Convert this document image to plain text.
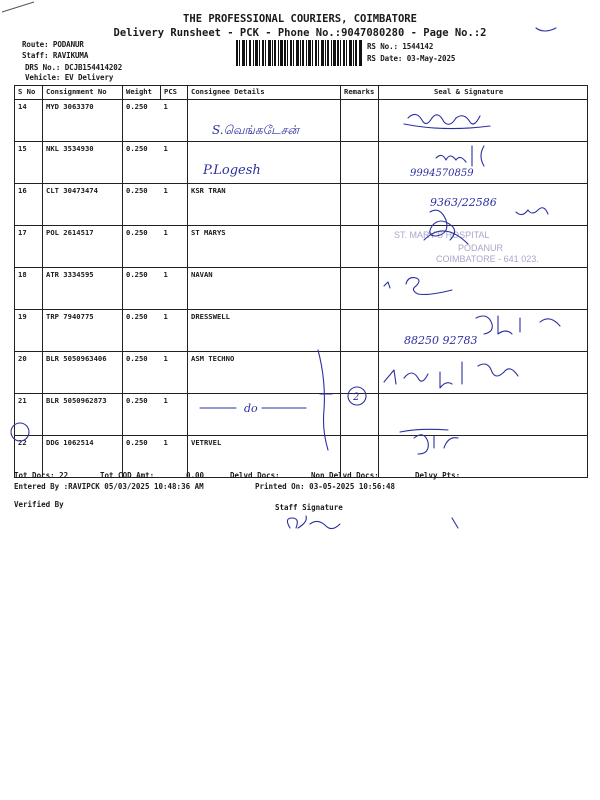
THE PROFESSIONAL COURIERS, COIMBATORE
Delivery Runsheet - PCK - Phone No.:9047080280 - Page No.:2
Route: PODANUR
Staff: RAVIKUMA
DRS No.: DCJB154414202
Vehicle: EV Delivery
RS No.: 1544142
RS Date: 03-May-2025
S No	Consignment No	Weight	PCS	Consignee Details	Remarks	Seal & Signature
14	MYD 3063370	0.250	1			
15	NKL 3534930	0.250	1			
16	CLT 30473474	0.250	1	KSR TRAN		
17	POL 2614517	0.250	1	ST MARYS		
18	ATR 3334595	0.250	1	NAVAN		
19	TRP 7940775	0.250	1	DRESSWELL		
20	BLR 5050963406	0.250	1	ASM TECHNO		
21	BLR 5050962873	0.250	1			
22	DDG 1062514	0.250	1	VETRVEL		
S.வெங்கடேசன்
P.Logesh	9994570859
9363/22586
ST. MARY'S HOSPITAL
PODANUR
COIMBATORE - 641 023.
88250 92783
do
2
Tot Docs: 22	Tot COD Amt:	0.00	Delvd Docs:	Non Delvd Docs:	Delvy Pts:
Entered By :RAVIPCK 05/03/2025 10:48:36 AM	Printed On: 03-05-2025 10:56:48
Verified By	Staff Signature
